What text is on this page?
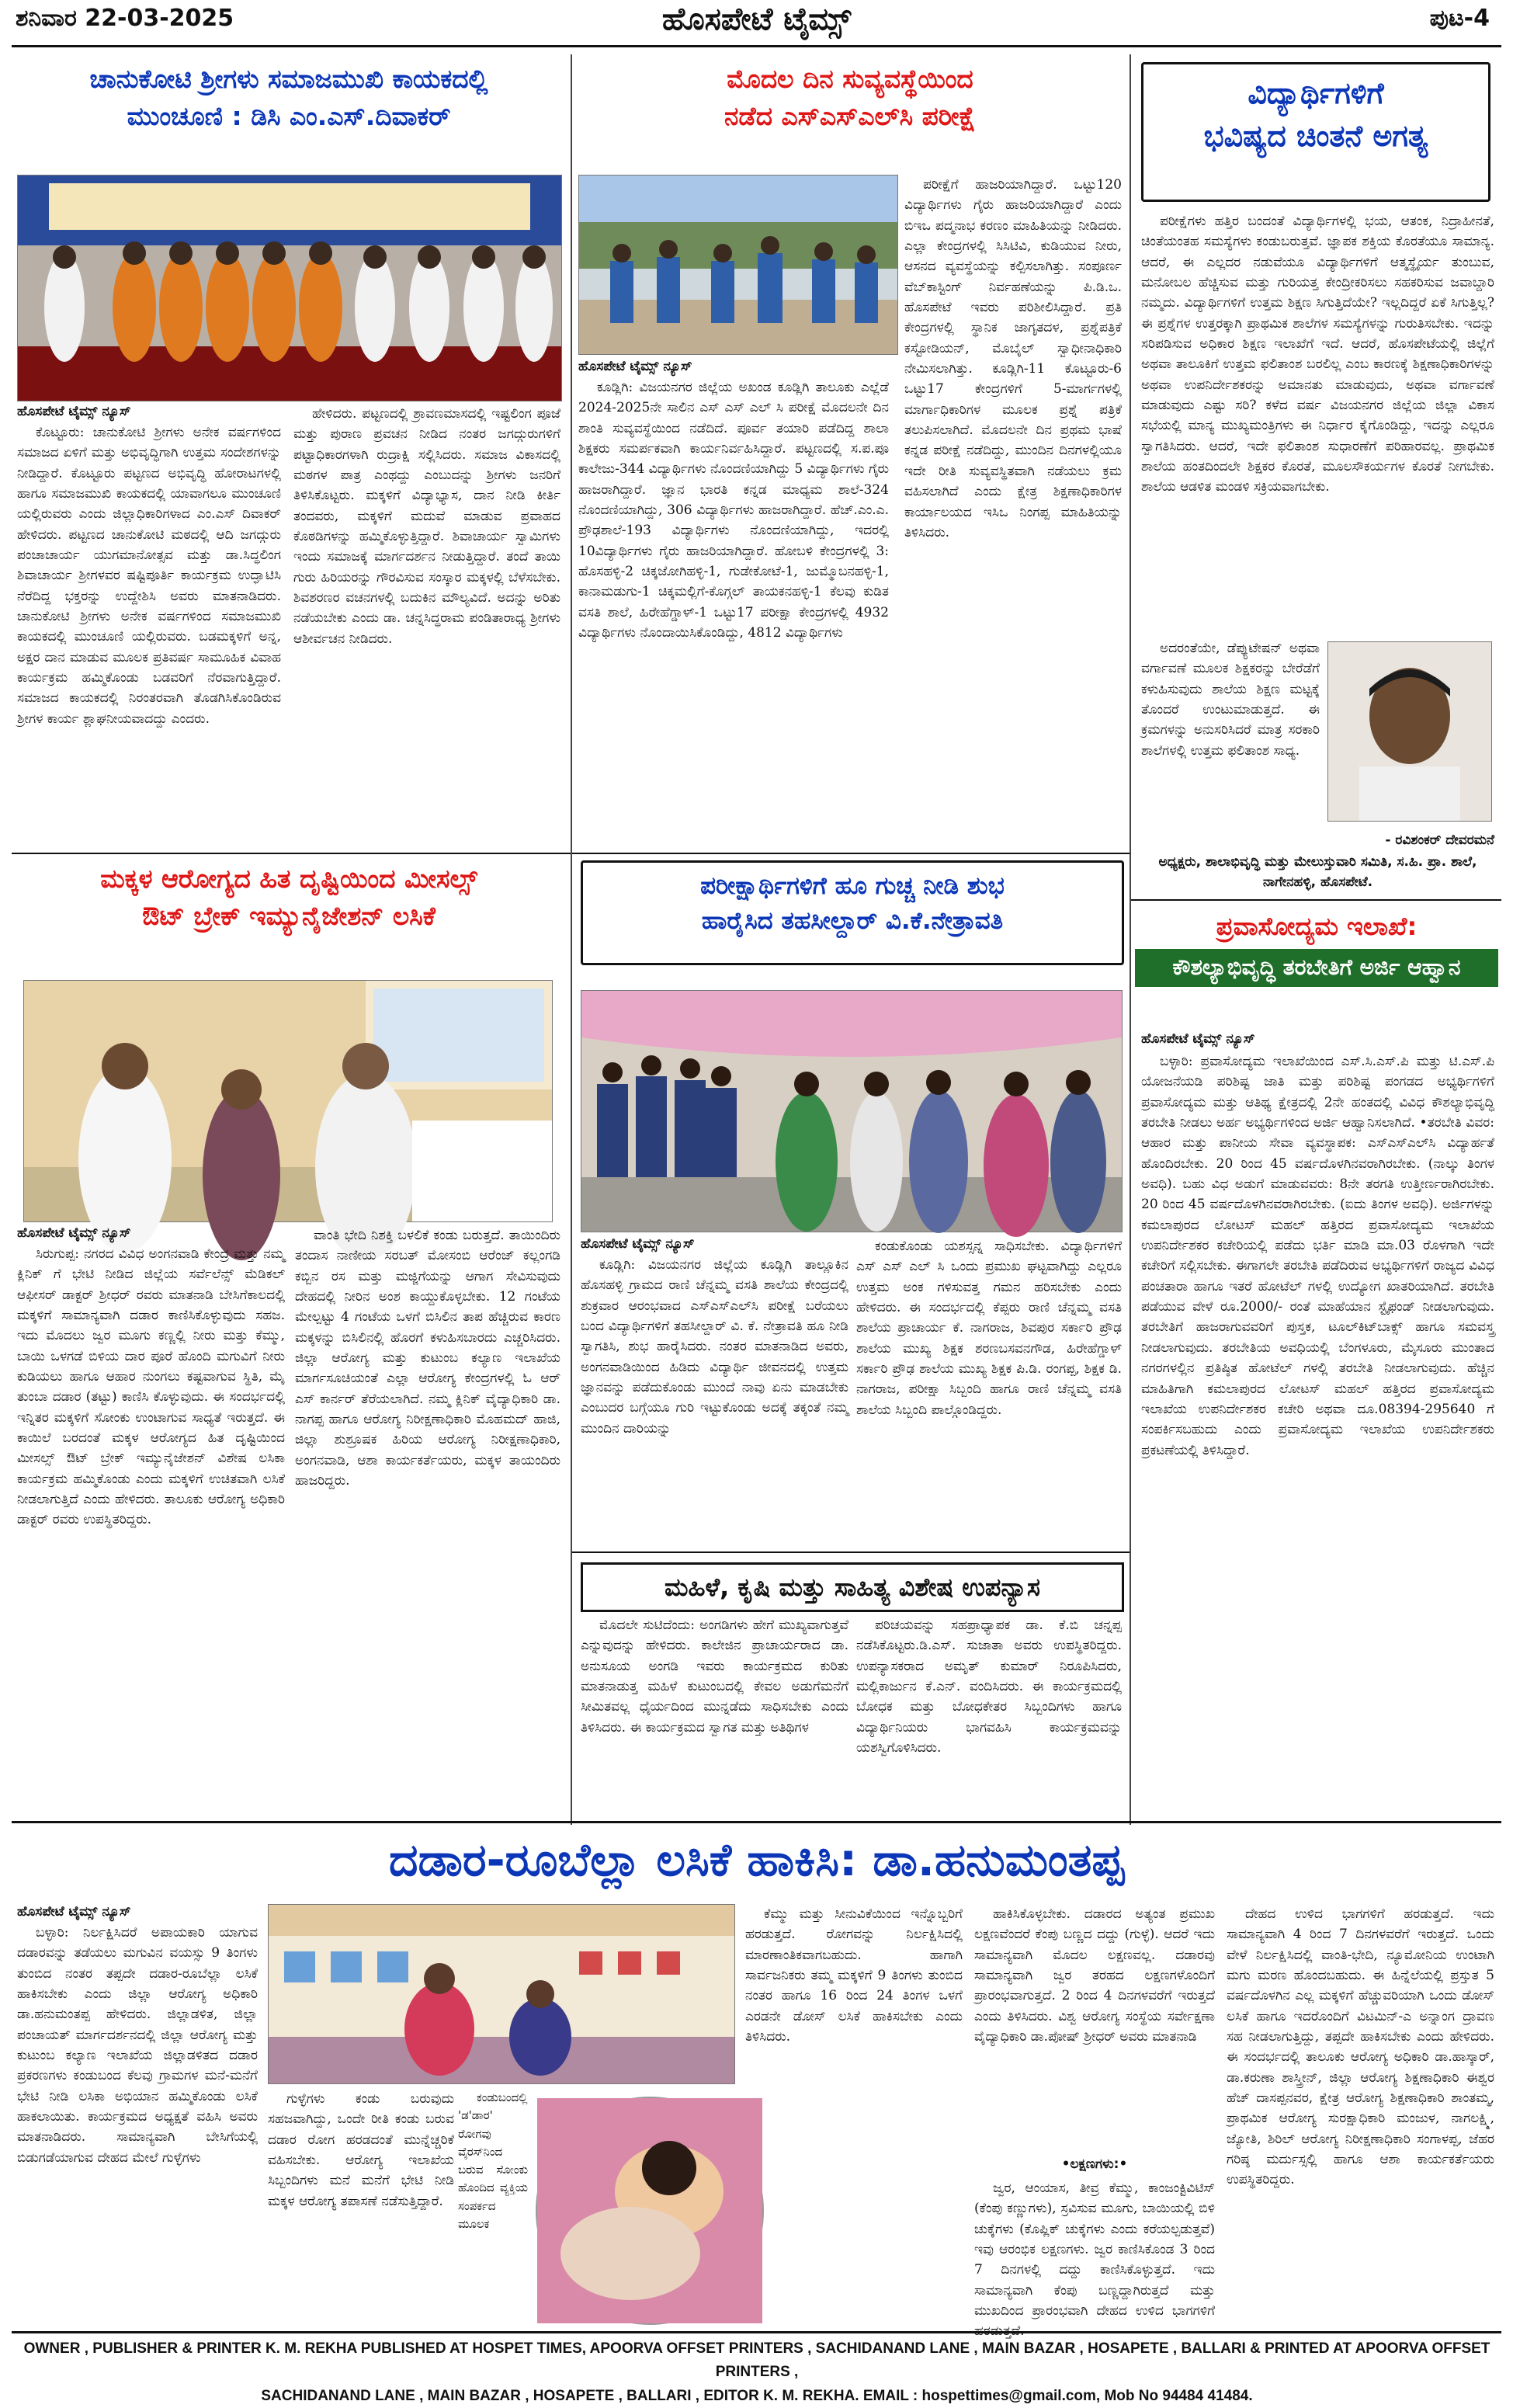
ಶನಿವಾರ 22-03-2025	ಹೊಸಪೇಟೆ ಟೈಮ್ಸ್	ಪುಟ-4
ಚಾನುಕೋಟಿ ಶ್ರೀಗಳು ಸಮಾಜಮುಖಿ ಕಾಯಕದಲ್ಲಿ
ಮುಂಚೂಣಿ : ಡಿಸಿ ಎಂ.ಎಸ್.ದಿವಾಕರ್
ಹೊಸಪೇಟೆ ಟೈಮ್ಸ್ ನ್ಯೂಸ್

ಕೊಟ್ಟೂರು: ಚಾನುಕೋಟಿ ಶ್ರೀಗಳು ಅನೇಕ ವರ್ಷಗಳಿಂದ ಸಮಾಜದ ಏಳಿಗೆ ಮತ್ತು ಅಭಿವೃದ್ಧಿಗಾಗಿ ಉತ್ತಮ ಸಂದೇಶಗಳನ್ನು ನೀಡಿದ್ದಾರೆ. ಕೊಟ್ಟೂರು ಪಟ್ಟಣದ ಅಭಿವೃದ್ಧಿ ಹೋರಾಟಗಳಲ್ಲಿ ಹಾಗೂ ಸಮಾಜಮುಖಿ ಕಾಯಕದಲ್ಲಿ ಯಾವಾಗಲೂ ಮುಂಚೂಣಿ ಯಲ್ಲಿರುವರು ಎಂದು ಜಿಲ್ಲಾಧಿಕಾರಿಗಳಾದ ಎಂ.ಎಸ್ ದಿವಾಕರ್ ಹೇಳಿದರು. ಪಟ್ಟಣದ ಚಾನುಕೋಟಿ ಮಠದಲ್ಲಿ ಆದಿ ಜಗದ್ಗುರು ಪಂಚಾಚಾರ್ಯ ಯುಗಮಾನೋತ್ಸವ ಮತ್ತು ಡಾ.ಸಿದ್ಧಲಿಂಗ ಶಿವಾಚಾರ್ಯ ಶ್ರೀಗಳವರ ಷಷ್ಟಿಪೂರ್ತಿ ಕಾರ್ಯಕ್ರಮ ಉದ್ಘಾಟಿಸಿ ನೆರೆದಿದ್ದ ಭಕ್ತರನ್ನು ಉದ್ದೇಶಿಸಿ ಅವರು ಮಾತನಾಡಿದರು. ಚಾನುಕೋಟಿ ಶ್ರೀಗಳು ಅನೇಕ ವರ್ಷಗಳಿಂದ ಸಮಾಜಮುಖಿ ಕಾಯಕದಲ್ಲಿ ಮುಂಚೂಣಿ ಯಲ್ಲಿರುವರು. ಬಡಮಕ್ಕಳಿಗೆ ಅನ್ನ, ಅಕ್ಷರ ದಾನ ಮಾಡುವ ಮೂಲಕ ಪ್ರತಿವರ್ಷ ಸಾಮೂಹಿಕ ವಿವಾಹ ಕಾರ್ಯಕ್ರಮ ಹಮ್ಮಿಕೊಂಡು ಬಡವರಿಗೆ ನೆರವಾಗುತ್ತಿದ್ದಾರೆ. ಸಮಾಜದ ಕಾಯಕದಲ್ಲಿ ನಿರಂತರವಾಗಿ ತೊಡಗಿಸಿಕೊಂಡಿರುವ ಶ್ರೀಗಳ ಕಾರ್ಯ ಶ್ಲಾಘನೀಯವಾದದ್ದು ಎಂದರು.

ಹೇಳಿದರು. ಪಟ್ಟಣದಲ್ಲಿ ಶ್ರಾವಣಮಾಸದಲ್ಲಿ ಇಷ್ಟಲಿಂಗ ಪೂಜೆ ಮತ್ತು ಪುರಾಣ ಪ್ರವಚನ ನೀಡಿದ ನಂತರ ಜಗದ್ಗುರುಗಳಿಗೆ ಪಟ್ಟಾಧಿಕಾರಗಳಾಗಿ ರುದ್ರಾಕ್ಷಿ ಸಲ್ಲಿಸಿದರು. ಸಮಾಜ ವಿಕಾಸದಲ್ಲಿ ಮಠಗಳ ಪಾತ್ರ ಎಂಥದ್ದು ಎಂಬುದನ್ನು ಶ್ರೀಗಳು ಜನರಿಗೆ ತಿಳಿಸಿಕೊಟ್ಟರು. ಮಕ್ಕಳಿಗೆ ವಿದ್ಯಾಭ್ಯಾಸ, ದಾನ ನೀಡಿ ಕೀರ್ತಿ ತಂದವರು, ಮಕ್ಕಳಿಗೆ ಮದುವೆ ಮಾಡುವ ಪ್ರವಾಹದ ಕೊಠಡಿಗಳನ್ನು ಹಮ್ಮಿಕೊಳ್ಳುತ್ತಿದ್ದಾರೆ. ಶಿವಾಚಾರ್ಯ ಸ್ವಾಮಿಗಳು ಇಂದು ಸಮಾಜಕ್ಕೆ ಮಾರ್ಗದರ್ಶನ ನೀಡುತ್ತಿದ್ದಾರೆ. ತಂದೆ ತಾಯಿ ಗುರು ಹಿರಿಯರನ್ನು ಗೌರವಿಸುವ ಸಂಸ್ಕಾರ ಮಕ್ಕಳಲ್ಲಿ ಬೆಳೆಸಬೇಕು. ಶಿವಶರಣರ ವಚನಗಳಲ್ಲಿ ಬದುಕಿನ ಮೌಲ್ಯವಿದೆ. ಅದನ್ನು ಅರಿತು ನಡೆಯಬೇಕು ಎಂದು ಡಾ. ಚನ್ನಸಿದ್ಧರಾಮ ಪಂಡಿತಾರಾಧ್ಯ ಶ್ರೀಗಳು ಆಶೀರ್ವಚನ ನೀಡಿದರು.

ಮೊದಲ ದಿನ ಸುವ್ಯವಸ್ಥೆಯಿಂದ
ನಡೆದ ಎಸ್‌ಎಸ್‌ಎಲ್‌ಸಿ ಪರೀಕ್ಷೆ
ಹೊಸಪೇಟೆ ಟೈಮ್ಸ್ ನ್ಯೂಸ್

ಕೂಡ್ಲಿಗಿ: ವಿಜಯನಗರ ಜಿಲ್ಲೆಯ ಅಖಂಡ ಕೂಡ್ಲಿಗಿ ತಾಲೂಕು ಎಲ್ಲೆಡೆ 2024-2025ನೇ ಸಾಲಿನ ಎಸ್ ಎಸ್ ಎಲ್ ಸಿ ಪರೀಕ್ಷೆ ಮೊದಲನೇ ದಿನ ಶಾಂತಿ ಸುವ್ಯವಸ್ಥೆಯಿಂದ ನಡೆದಿದೆ. ಪೂರ್ವ ತಯಾರಿ ಪಡೆದಿದ್ದ ಶಾಲಾ ಶಿಕ್ಷಕರು ಸಮರ್ಪಕವಾಗಿ ಕಾರ್ಯನಿರ್ವಹಿಸಿದ್ದಾರೆ. ಪಟ್ಟಣದಲ್ಲಿ ಸ.ಪ.ಪೂ ಕಾಲೇಜು-344 ವಿದ್ಯಾರ್ಥಿಗಳು ನೊಂದಣಿಯಾಗಿದ್ದು 5 ವಿದ್ಯಾರ್ಥಿಗಳು ಗೈರು ಹಾಜರಾಗಿದ್ದಾರೆ. ಜ್ಞಾನ ಭಾರತಿ ಕನ್ನಡ ಮಾಧ್ಯಮ ಶಾಲೆ-324 ನೊಂದಣಿಯಾಗಿದ್ದು, 306 ವಿದ್ಯಾರ್ಥಿಗಳು ಹಾಜರಾಗಿದ್ದಾರೆ. ಹೆಚ್.ಎಂ.ಎ. ಪ್ರೌಢಶಾಲೆ-193 ವಿದ್ಯಾರ್ಥಿಗಳು ನೊಂದಣಿಯಾಗಿದ್ದು, ಇದರಲ್ಲಿ 10ವಿದ್ಯಾರ್ಥಿಗಳು ಗೈರು ಹಾಜರಿಯಾಗಿದ್ದಾರೆ. ಹೋಬಳಿ ಕೇಂದ್ರಗಳಲ್ಲಿ 3: ಹೊಸಹಳ್ಳಿ-2 ಚಿಕ್ಕಜೋಗಿಹಳ್ಳಿ-1, ಗುಡೇಕೋಟೆ-1, ಜುಮ್ಮೊಬನಹಳ್ಳಿ-1, ಕಾನಾಮಡುಗು-1 ಚಿಕ್ಕಮಲ್ಲಿಗೆ-ಕೊಗ್ಗಲ್ ತಾಯಕನಹಳ್ಳಿ-1 ಕೆಲವು ಕುಡಿತ ವಸತಿ ಶಾಲೆ, ಹಿರೇಹೆಗ್ಡಾಳ್-1 ಒಟ್ಟು17 ಪರೀಕ್ಷಾ ಕೇಂದ್ರಗಳಲ್ಲಿ 4932 ವಿದ್ಯಾರ್ಥಿಗಳು ನೊಂದಾಯಿಸಿಕೊಂಡಿದ್ದು, 4812 ವಿದ್ಯಾರ್ಥಿಗಳು

ಪರೀಕ್ಷೆಗೆ ಹಾಜರಿಯಾಗಿದ್ದಾರೆ. ಒಟ್ಟು120 ವಿದ್ಯಾರ್ಥಿಗಳು ಗೈರು ಹಾಜರಿಯಾಗಿದ್ದಾರೆ ಎಂದು ಬಿಇಒ ಪದ್ಮನಾಭ ಕರಣಂ ಮಾಹಿತಿಯನ್ನು ನೀಡಿದರು. ಎಲ್ಲಾ ಕೇಂದ್ರಗಳಲ್ಲಿ ಸಿಸಿಟಿವಿ, ಕುಡಿಯುವ ನೀರು, ಆಸನದ ವ್ಯವಸ್ಥೆಯನ್ನು ಕಲ್ಪಿಸಲಾಗಿತ್ತು. ಸಂಪೂರ್ಣ ವೆಬ್‌ಕಾಸ್ಟಿಂಗ್ ನಿರ್ವಹಣೆಯನ್ನು ಪಿ.ಡಿ.ಒ. ಹೊಸಪೇಟೆ ಇವರು ಪರಿಶೀಲಿಸಿದ್ದಾರೆ. ಪ್ರತಿ ಕೇಂದ್ರಗಳಲ್ಲಿ ಸ್ಥಾನಿಕ ಜಾಗೃತದಳ, ಪ್ರಶ್ನೆಪತ್ರಿಕೆ ಕಸ್ಟೋಡಿಯನ್, ಮೊಬೈಲ್ ಸ್ವಾಧೀನಾಧಿಕಾರಿ ನೇಮಿಸಲಾಗಿತ್ತು. ಕೂಡ್ಲಿಗಿ-11 ಕೊಟ್ಟೂರು-6 ಒಟ್ಟು17 ಕೇಂದ್ರಗಳಿಗೆ 5-ಮಾರ್ಗಗಳಲ್ಲಿ ಮಾರ್ಗಾಧಿಕಾರಿಗಳ ಮೂಲಕ ಪ್ರಶ್ನೆ ಪತ್ರಿಕೆ ತಲುಪಿಸಲಾಗಿದೆ. ಮೊದಲನೇ ದಿನ ಪ್ರಥಮ ಭಾಷೆ ಕನ್ನಡ ಪರೀಕ್ಷೆ ನಡೆದಿದ್ದು, ಮುಂದಿನ ದಿನಗಳಲ್ಲಿಯೂ ಇದೇ ರೀತಿ ಸುವ್ಯವಸ್ಥಿತವಾಗಿ ನಡೆಯಲು ಕ್ರಮ ವಹಿಸಲಾಗಿದೆ ಎಂದು ಕ್ಷೇತ್ರ ಶಿಕ್ಷಣಾಧಿಕಾರಿಗಳ ಕಾರ್ಯಾಲಯದ ಇಸಿಒ ನಿಂಗಪ್ಪ ಮಾಹಿತಿಯನ್ನು ತಿಳಿಸಿದರು.

ವಿದ್ಯಾರ್ಥಿಗಳಿಗೆ
ಭವಿಷ್ಯದ ಚಿಂತನೆ ಅಗತ್ಯ

ಪರೀಕ್ಷೆಗಳು ಹತ್ತಿರ ಬಂದಂತೆ ವಿದ್ಯಾರ್ಥಿಗಳಲ್ಲಿ ಭಯ, ಆತಂಕ, ನಿದ್ರಾಹೀನತೆ, ಚಿಂತೆಯಂತಹ ಸಮಸ್ಯೆಗಳು ಕಂಡುಬರುತ್ತವೆ. ಜ್ಞಾಪಕ ಶಕ್ತಿಯ ಕೊರತೆಯೂ ಸಾಮಾನ್ಯ. ಆದರೆ, ಈ ಎಲ್ಲದರ ನಡುವೆಯೂ ವಿದ್ಯಾರ್ಥಿಗಳಿಗೆ ಆತ್ಮಸ್ಥೈರ್ಯ ತುಂಬುವ, ಮನೋಬಲ ಹೆಚ್ಚಿಸುವ ಮತ್ತು ಗುರಿಯತ್ತ ಕೇಂದ್ರೀಕರಿಸಲು ಸಹಕರಿಸುವ ಜವಾಬ್ದಾರಿ ನಮ್ಮದು. ವಿದ್ಯಾರ್ಥಿಗಳಿಗೆ ಉತ್ತಮ ಶಿಕ್ಷಣ ಸಿಗುತ್ತಿದೆಯೇ? ಇಲ್ಲದಿದ್ದರೆ ಏಕೆ ಸಿಗುತ್ತಿಲ್ಲ? ಈ ಪ್ರಶ್ನೆಗಳ ಉತ್ತರಕ್ಕಾಗಿ ಪ್ರಾಥಮಿಕ ಶಾಲೆಗಳ ಸಮಸ್ಯೆಗಳನ್ನು ಗುರುತಿಸಬೇಕು. ಇದನ್ನು ಸರಿಪಡಿಸುವ ಅಧಿಕಾರ ಶಿಕ್ಷಣ ಇಲಾಖೆಗೆ ಇದೆ. ಆದರೆ, ಹೊಸಪೇಟೆಯಲ್ಲಿ ಜಿಲ್ಲೆಗೆ ಅಥವಾ ತಾಲೂಕಿಗೆ ಉತ್ತಮ ಫಲಿತಾಂಶ ಬರಲಿಲ್ಲ ಎಂಬ ಕಾರಣಕ್ಕೆ ಶಿಕ್ಷಣಾಧಿಕಾರಿಗಳನ್ನು ಅಥವಾ ಉಪನಿರ್ದೇಶಕರನ್ನು ಅಮಾನತು ಮಾಡುವುದು, ಅಥವಾ ವರ್ಗಾವಣೆ ಮಾಡುವುದು ಎಷ್ಟು ಸರಿ? ಕಳೆದ ವರ್ಷ ವಿಜಯನಗರ ಜಿಲ್ಲೆಯ ಜಿಲ್ಲಾ ವಿಕಾಸ ಸಭೆಯಲ್ಲಿ ಮಾನ್ಯ ಮುಖ್ಯಮಂತ್ರಿಗಳು ಈ ನಿರ್ಧಾರ ಕೈಗೊಂಡಿದ್ದು, ಇದನ್ನು ಎಲ್ಲರೂ ಸ್ವಾಗತಿಸಿದರು. ಆದರೆ, ಇದೇ ಫಲಿತಾಂಶ ಸುಧಾರಣೆಗೆ ಪರಿಹಾರವಲ್ಲ. ಪ್ರಾಥಮಿಕ ಶಾಲೆಯ ಹಂತದಿಂದಲೇ ಶಿಕ್ಷಕರ ಕೊರತೆ, ಮೂಲಸೌಕರ್ಯಗಳ ಕೊರತೆ ನೀಗಬೇಕು. ಶಾಲೆಯ ಆಡಳಿತ ಮಂಡಳಿ ಸಕ್ರಿಯವಾಗಬೇಕು.

ಅದರಂತೆಯೇ, ಡೆಪ್ಯುಟೇಷನ್ ಅಥವಾ ವರ್ಗಾವಣೆ ಮೂಲಕ ಶಿಕ್ಷಕರನ್ನು ಬೇರೆಡೆಗೆ ಕಳುಹಿಸುವುದು ಶಾಲೆಯ ಶಿಕ್ಷಣ ಮಟ್ಟಕ್ಕೆ ತೊಂದರೆ ಉಂಟುಮಾಡುತ್ತದೆ. ಈ ಕ್ರಮಗಳನ್ನು ಅನುಸರಿಸಿದರೆ ಮಾತ್ರ ಸರಕಾರಿ ಶಾಲೆಗಳಲ್ಲಿ ಉತ್ತಮ ಫಲಿತಾಂಶ ಸಾಧ್ಯ.

- ರವಿಶಂಕರ್ ದೇವರಮನೆ
ಅಧ್ಯಕ್ಷರು, ಶಾಲಾಭಿವೃದ್ಧಿ ಮತ್ತು ಮೇಲುಸ್ತುವಾರಿ ಸಮಿತಿ, ಸ.ಹಿ. ಪ್ರಾ. ಶಾಲೆ, ನಾಗೇನಹಳ್ಳಿ, ಹೊಸಪೇಟೆ.
ಮಕ್ಕಳ ಆರೋಗ್ಯದ ಹಿತ ದೃಷ್ಟಿಯಿಂದ ಮೀಸಲ್ಸ್
ಔಟ್ ಬ್ರೇಕ್ ಇಮ್ಯುನೈಜೇಶನ್ ಲಸಿಕೆ
ಹೊಸಪೇಟೆ ಟೈಮ್ಸ್ ನ್ಯೂಸ್

ಸಿರುಗುಪ್ಪ: ನಗರದ ವಿವಿಧ ಅಂಗನವಾಡಿ ಕೇಂದ್ರ ಮತ್ತು ನಮ್ಮ ಕ್ಲಿನಿಕ್ ಗೆ ಭೇಟಿ ನೀಡಿದ ಜಿಲ್ಲೆಯ ಸರ್ವೆಲೆನ್ಸ್ ಮೆಡಿಕಲ್ ಆಫೀಸರ್ ಡಾಕ್ಟರ್ ಶ್ರೀಧರ್ ರವರು ಮಾತನಾಡಿ ಬೇಸಿಗೆಕಾಲದಲ್ಲಿ ಮಕ್ಕಳಿಗೆ ಸಾಮಾನ್ಯವಾಗಿ ದಡಾರ ಕಾಣಿಸಿಕೊಳ್ಳುವುದು ಸಹಜ. ಇದು ಮೊದಲು ಜ್ವರ ಮೂಗು ಕಣ್ಣಲ್ಲಿ ನೀರು ಮತ್ತು ಕೆಮ್ಮು, ಬಾಯಿ ಒಳಗಡೆ ಬಿಳಿಯ ದಾರ ಪೂರೆ ಹೊಂದಿ ಮಗುವಿಗೆ ನೀರು ಕುಡಿಯಲು ಹಾಗೂ ಆಹಾರ ನುಂಗಲು ಕಷ್ಟವಾಗುವ ಸ್ಥಿತಿ, ಮೈ ತುಂಬಾ ದಡಾರ (ತಟ್ಟು) ಕಾಣಿಸಿ ಕೊಳ್ಳುವುದು. ಈ ಸಂದರ್ಭದಲ್ಲಿ ಇನ್ನಿತರ ಮಕ್ಕಳಿಗೆ ಸೋಂಕು ಉಂಟಾಗುವ ಸಾಧ್ಯತೆ ಇರುತ್ತದೆ. ಈ ಕಾಯಿಲೆ ಬರದಂತೆ ಮಕ್ಕಳ ಆರೋಗ್ಯದ ಹಿತ ದೃಷ್ಟಿಯಿಂದ ಮೀಸಲ್ಸ್ ಔಟ್ ಬ್ರೇಕ್ ಇಮ್ಯುನೈಜೇಶನ್ ವಿಶೇಷ ಲಸಿಕಾ ಕಾರ್ಯಕ್ರಮ ಹಮ್ಮಿಕೊಂಡು ಎಂದು ಮಕ್ಕಳಿಗೆ ಉಚಿತವಾಗಿ ಲಸಿಕೆ ನೀಡಲಾಗುತ್ತಿದೆ ಎಂದು ಹೇಳಿದರು. ತಾಲೂಕು ಆರೋಗ್ಯ ಅಧಿಕಾರಿ ಡಾಕ್ಟರ್ ರವರು ಉಪಸ್ಥಿತರಿದ್ದರು.

ವಾಂತಿ ಭೇದಿ ನಿಶಕ್ತಿ ಬಳಲಿಕೆ ಕಂಡು ಬರುತ್ತದೆ. ತಾಯಿಂದಿರು ತಂದಾಸ ನಾಣೀಯ ಸರಬತ್ ಮೋಸಂಬಿ ಆರೆಂಜ್ ಕಲ್ಲಂಗಡಿ ಕಬ್ಬಿನ ರಸ ಮತ್ತು ಮಜ್ಜಿಗೆಯನ್ನು ಆಗಾಗ ಸೇವಿಸುವುದು ದೇಹದಲ್ಲಿ ನೀರಿನ ಅಂಶ ಕಾಯ್ದುಕೊಳ್ಳಬೇಕು. 12 ಗಂಟೆಯ ಮೇಲ್ಪಟ್ಟು 4 ಗಂಟೆಯ ಒಳಗೆ ಬಿಸಿಲಿನ ತಾಪ ಹೆಚ್ಚಿರುವ ಕಾರಣ ಮಕ್ಕಳನ್ನು ಬಿಸಿಲಿನಲ್ಲಿ ಹೊರಗೆ ಕಳುಹಿಸಬಾರದು ಎಚ್ಚರಿಸಿದರು. ಜಿಲ್ಲಾ ಆರೋಗ್ಯ ಮತ್ತು ಕುಟುಂಬ ಕಲ್ಯಾಣ ಇಲಾಖೆಯ ಮಾರ್ಗಸೂಚಿಯಂತೆ ಎಲ್ಲಾ ಆರೋಗ್ಯ ಕೇಂದ್ರಗಳಲ್ಲಿ ಓ ಆರ್ ಎಸ್ ಕಾರ್ನರ್ ತೆರೆಯಲಾಗಿದೆ. ನಮ್ಮ ಕ್ಲಿನಿಕ್ ವೈದ್ಯಾಧಿಕಾರಿ ಡಾ. ನಾಗಪ್ಪ ಹಾಗೂ ಆರೋಗ್ಯ ನಿರೀಕ್ಷಣಾಧಿಕಾರಿ ಮೊಹಮದ್ ಹಾಜಿ, ಜಿಲ್ಲಾ ಶುಶ್ರೂಷಕ ಹಿರಿಯ ಆರೋಗ್ಯ ನಿರೀಕ್ಷಣಾಧಿಕಾರಿ, ಅಂಗನವಾಡಿ, ಆಶಾ ಕಾರ್ಯಕರ್ತೆಯರು, ಮಕ್ಕಳ ತಾಯಂದಿರು ಹಾಜರಿದ್ದರು.

ಪರೀಕ್ಷಾರ್ಥಿಗಳಿಗೆ ಹೂ ಗುಚ್ಚ ನೀಡಿ ಶುಭ
ಹಾರೈಸಿದ ತಹಸೀಲ್ದಾರ್ ವಿ.ಕೆ.ನೇತ್ರಾವತಿ
ಹೊಸಪೇಟೆ ಟೈಮ್ಸ್ ನ್ಯೂಸ್

ಕೂಡ್ಲಿಗಿ: ವಿಜಯನಗರ ಜಿಲ್ಲೆಯ ಕೂಡ್ಲಿಗಿ ತಾಲ್ಲೂಕಿನ ಹೊಸಹಳ್ಳಿ ಗ್ರಾಮದ ರಾಣಿ ಚೆನ್ನಮ್ಮ ವಸತಿ ಶಾಲೆಯ ಕೇಂದ್ರದಲ್ಲಿ ಶುಕ್ರವಾರ ಆರಂಭವಾದ ಎಸ್ಎಸ್ಎಲ್‌ಸಿ ಪರೀಕ್ಷೆ ಬರೆಯಲು ಬಂದ ವಿದ್ಯಾರ್ಥಿಗಳಿಗೆ ತಹಸೀಲ್ದಾರ್ ವಿ. ಕೆ. ನೇತ್ರಾವತಿ ಹೂ ನೀಡಿ ಸ್ವಾಗತಿಸಿ, ಶುಭ ಹಾರೈಸಿದರು. ನಂತರ ಮಾತನಾಡಿದ ಅವರು, ಅಂಗನವಾಡಿಯಿಂದ ಹಿಡಿದು ವಿದ್ಯಾರ್ಥಿ ಜೀವನದಲ್ಲಿ ಉತ್ತಮ ಜ್ಞಾನವನ್ನು ಪಡೆದುಕೊಂಡು ಮುಂದೆ ನಾವು ಏನು ಮಾಡಬೇಕು ಎಂಬುದರ ಬಗ್ಗೆಯೂ ಗುರಿ ಇಟ್ಟುಕೊಂಡು ಅದಕ್ಕೆ ತಕ್ಕಂತೆ ನಮ್ಮ ಮುಂದಿನ ದಾರಿಯನ್ನು

ಕಂಡುಕೊಂಡು ಯಶಸ್ಸನ್ನ ಸಾಧಿಸಬೇಕು. ವಿದ್ಯಾರ್ಥಿಗಳಿಗೆ ಎಸ್ ಎಸ್ ಎಲ್ ಸಿ ಒಂದು ಪ್ರಮುಖ ಘಟ್ಟವಾಗಿದ್ದು ಎಲ್ಲರೂ ಉತ್ತಮ ಅಂಕ ಗಳಿಸುವತ್ತ ಗಮನ ಹರಿಸಬೇಕು ಎಂದು ಹೇಳಿದರು. ಈ ಸಂದರ್ಭದಲ್ಲಿ ಕೆಪ್ಪರು ರಾಣಿ ಚೆನ್ನಮ್ಮ ವಸತಿ ಶಾಲೆಯ ಪ್ರಾಚಾರ್ಯ ಕೆ. ನಾಗರಾಜ, ಶಿವಪುರ ಸರ್ಕಾರಿ ಪ್ರೌಢ ಶಾಲೆಯ ಮುಖ್ಯ ಶಿಕ್ಷಕ ಶರಣಬಸವನಗೌಡ, ಹಿರೇಹೆಗ್ಡಾಳ್ ಸರ್ಕಾರಿ ಪ್ರೌಢ ಶಾಲೆಯ ಮುಖ್ಯ ಶಿಕ್ಷಕ ಪಿ.ಡಿ. ರಂಗಪ್ಪ, ಶಿಕ್ಷಕ ಡಿ. ನಾಗರಾಜ, ಪರೀಕ್ಷಾ ಸಿಬ್ಬಂದಿ ಹಾಗೂ ರಾಣಿ ಚೆನ್ನಮ್ಮ ವಸತಿ ಶಾಲೆಯ ಸಿಬ್ಬಂದಿ ಪಾಲ್ಗೊಂಡಿದ್ದರು.

ಮಹಿಳೆ, ಕೃಷಿ ಮತ್ತು ಸಾಹಿತ್ಯ ವಿಶೇಷ ಉಪನ್ಯಾಸ

ಮೊದಲೇ ಸುಟಿದೆಂದು: ಅಂಗಡಿಗಳು ಹೇಗೆ ಮುಖ್ಯವಾಗುತ್ತವೆ ಎನ್ನುವುದನ್ನು ಹೇಳಿದರು. ಕಾಲೇಜಿನ ಪ್ರಾಚಾರ್ಯರಾದ ಡಾ. ಅನುಸೂಯ ಅಂಗಡಿ ಇವರು ಕಾರ್ಯಕ್ರಮದ ಕುರಿತು ಮಾತನಾಡುತ್ತ ಮಹಿಳೆ ಕುಟುಂಬದಲ್ಲಿ ಕೇವಲ ಅಡುಗೆಮನೆಗೆ ಸೀಮಿತವಲ್ಲ ಧೈರ್ಯದಿಂದ ಮುನ್ನಡೆದು ಸಾಧಿಸಬೇಕು ಎಂದು ತಿಳಿಸಿದರು. ಈ ಕಾರ್ಯಕ್ರಮದ ಸ್ವಾಗತ ಮತ್ತು ಅತಿಥಿಗಳ

ಪರಿಚಯವನ್ನು ಸಹಪ್ರಾಧ್ಯಾಪಕ ಡಾ. ಕೆ.ಬಿ ಚನ್ನಪ್ಪ ನಡೆಸಿಕೊಟ್ಟರು.ಡಿ.ಎಸ್. ಸುಜಾತಾ ಅವರು ಉಪಸ್ಥಿತರಿದ್ದರು. ಉಪನ್ಯಾಸಕರಾದ ಅಮೃತ್ ಕುಮಾರ್ ನಿರೂಪಿಸಿದರು, ಮಲ್ಲಿಕಾರ್ಜುನ ಕೆ.ಎನ್. ವಂದಿಸಿದರು. ಈ ಕಾರ್ಯಕ್ರಮದಲ್ಲಿ ಬೋಧಕ ಮತ್ತು ಬೋಧಕೇತರ ಸಿಬ್ಬಂದಿಗಳು ಹಾಗೂ ವಿದ್ಯಾರ್ಥಿನಿಯರು ಭಾಗವಹಿಸಿ ಕಾರ್ಯಕ್ರಮವನ್ನು ಯಶಸ್ವಿಗೊಳಿಸಿದರು.

ಪ್ರವಾಸೋದ್ಯಮ ಇಲಾಖೆ:
ಕೌಶಲ್ಯಾಭಿವೃದ್ಧಿ ತರಬೇತಿಗೆ ಅರ್ಜಿ ಆಹ್ವಾನ
ಹೊಸಪೇಟೆ ಟೈಮ್ಸ್ ನ್ಯೂಸ್

ಬಳ್ಳಾರಿ: ಪ್ರವಾಸೋದ್ಯಮ ಇಲಾಖೆಯಿಂದ ಎಸ್.ಸಿ.ಎಸ್.ಪಿ ಮತ್ತು ಟಿ.ಎಸ್.ಪಿ ಯೋಜನೆಯಡಿ ಪರಿಶಿಷ್ಟ ಜಾತಿ ಮತ್ತು ಪರಿಶಿಷ್ಟ ಪಂಗಡದ ಅಭ್ಯರ್ಥಿಗಳಿಗೆ ಪ್ರವಾಸೋದ್ಯಮ ಮತ್ತು ಆತಿಥ್ಯ ಕ್ಷೇತ್ರದಲ್ಲಿ 2ನೇ ಹಂತದಲ್ಲಿ ವಿವಿಧ ಕೌಶಲ್ಯಾಭಿವೃದ್ಧಿ ತರಬೇತಿ ನೀಡಲು ಅರ್ಹ ಅಭ್ಯರ್ಥಿಗಳಿಂದ ಅರ್ಜಿ ಆಹ್ವಾನಿಸಲಾಗಿದೆ. •ತರಬೇತಿ ವಿವರ: ಆಹಾರ ಮತ್ತು ಪಾನೀಯ ಸೇವಾ ವ್ಯವಸ್ಥಾಪಕ: ಎಸ್ಎಸ್ಎಲ್‌ಸಿ ವಿದ್ಯಾರ್ಹತೆ ಹೊಂದಿರಬೇಕು. 20 ರಿಂದ 45 ವರ್ಷದೊಳಗಿನವರಾಗಿರಬೇಕು. (ನಾಲ್ಕು ತಿಂಗಳ ಅವಧಿ). ಬಹು ವಿಧ ಅಡುಗೆ ಮಾಡುವವರು: 8ನೇ ತರಗತಿ ಉತ್ತೀರ್ಣರಾಗಿರಬೇಕು. 20 ರಿಂದ 45 ವರ್ಷದೊಳಗಿನವರಾಗಿರಬೇಕು. (ಐದು ತಿಂಗಳ ಅವಧಿ). ಅರ್ಜಿಗಳನ್ನು ಕಮಲಾಪುರದ ಲೋಟಸ್ ಮಹಲ್ ಹತ್ತಿರದ ಪ್ರವಾಸೋದ್ಯಮ ಇಲಾಖೆಯ ಉಪನಿರ್ದೇಶಕರ ಕಚೇರಿಯಲ್ಲಿ ಪಡೆದು ಭರ್ತಿ ಮಾಡಿ ಮಾ.03 ರೊಳಗಾಗಿ ಇದೇ ಕಚೇರಿಗೆ ಸಲ್ಲಿಸಬೇಕು. ಈಗಾಗಲೇ ತರಬೇತಿ ಪಡೆದಿರುವ ಅಭ್ಯರ್ಥಿಗಳಿಗೆ ರಾಜ್ಯದ ವಿವಿಧ ಪಂಚತಾರಾ ಹಾಗೂ ಇತರೆ ಹೋಟೆಲ್ ಗಳಲ್ಲಿ ಉದ್ಯೋಗ ಖಾತರಿಯಾಗಿದೆ. ತರಬೇತಿ ಪಡೆಯುವ ವೇಳೆ ರೂ.2000/- ರಂತೆ ಮಾಹೆಯಾನ ಸ್ಟೈಫಂಡ್ ನೀಡಲಾಗುವುದು. ತರಬೇತಿಗೆ ಹಾಜರಾಗುವವರಿಗೆ ಪುಸ್ತಕ, ಟೂಲ್‌ಕಿಟ್‌ಬಾಕ್ಸ್ ಹಾಗೂ ಸಮವಸ್ತ್ರ ನೀಡಲಾಗುವುದು. ತರಬೇತಿಯ ಅವಧಿಯಲ್ಲಿ ಬೆಂಗಳೂರು, ಮೈಸೂರು ಮುಂತಾದ ನಗರಗಳಲ್ಲಿನ ಪ್ರತಿಷ್ಠಿತ ಹೋಟೆಲ್ ಗಳಲ್ಲಿ ತರಬೇತಿ ನೀಡಲಾಗುವುದು. ಹೆಚ್ಚಿನ ಮಾಹಿತಿಗಾಗಿ ಕಮಲಾಪುರದ ಲೋಟಸ್ ಮಹಲ್ ಹತ್ತಿರದ ಪ್ರವಾಸೋದ್ಯಮ ಇಲಾಖೆಯ ಉಪನಿರ್ದೇಶಕರ ಕಚೇರಿ ಅಥವಾ ದೂ.08394-295640 ಗೆ ಸಂಪರ್ಕಿಸಬಹುದು ಎಂದು ಪ್ರವಾಸೋದ್ಯಮ ಇಲಾಖೆಯ ಉಪನಿರ್ದೇಶಕರು ಪ್ರಕಟಣೆಯಲ್ಲಿ ತಿಳಿಸಿದ್ದಾರೆ.

ದಡಾರ-ರೂಬೆಲ್ಲಾ ಲಸಿಕೆ ಹಾಕಿಸಿ: ಡಾ.ಹನುಮಂತಪ್ಪ
ಹೊಸಪೇಟೆ ಟೈಮ್ಸ್ ನ್ಯೂಸ್

ಬಳ್ಳಾರಿ: ನಿರ್ಲಕ್ಷಿಸಿದರೆ ಅಪಾಯಕಾರಿ ಯಾಗುವ ದಡಾರವನ್ನು ತಡೆಯಲು ಮಗುವಿನ ವಯಸ್ಸು 9 ತಿಂಗಳು ತುಂಬಿದ ನಂತರ ತಪ್ಪದೇ ದಡಾರ-ರೂಬೆಲ್ಲಾ ಲಸಿಕೆ ಹಾಕಿಸಬೇಕು ಎಂದು ಜಿಲ್ಲಾ ಆರೋಗ್ಯ ಅಧಿಕಾರಿ ಡಾ.ಹನುಮಂತಪ್ಪ ಹೇಳಿದರು. ಜಿಲ್ಲಾಡಳಿತ, ಜಿಲ್ಲಾ ಪಂಚಾಯತ್ ಮಾರ್ಗದರ್ಶನದಲ್ಲಿ ಜಿಲ್ಲಾ ಆರೋಗ್ಯ ಮತ್ತು ಕುಟುಂಬ ಕಲ್ಯಾಣ ಇಲಾಖೆಯ ಜಿಲ್ಲಾಡಳಿತದ ದಡಾರ ಪ್ರಕರಣಗಳು ಕಂಡುಬಂದ ಕೆಲವು ಗ್ರಾಮಗಳ ಮನೆ-ಮನೆಗೆ ಭೇಟಿ ನೀಡಿ ಲಸಿಕಾ ಅಭಿಯಾನ ಹಮ್ಮಿಕೊಂಡು ಲಸಿಕೆ ಹಾಕಲಾಯಿತು. ಕಾರ್ಯಕ್ರಮದ ಅಧ್ಯಕ್ಷತೆ ವಹಿಸಿ ಅವರು ಮಾತನಾಡಿದರು. ಸಾಮಾನ್ಯವಾಗಿ ಬೇಸಿಗೆಯಲ್ಲಿ ಬಿಡುಗಡೆಯಾಗುವ ದೇಹದ ಮೇಲೆ ಗುಳ್ಳೆಗಳು

ಕೆಮ್ಮು ಮತ್ತು ಸೀನುವಿಕೆಯಿಂದ ಇನ್ನೊಬ್ಬರಿಗೆ ಹರಡುತ್ತದೆ. ರೋಗವನ್ನು ನಿರ್ಲಕ್ಷಿಸಿದಲ್ಲಿ ಮಾರಣಾಂತಿಕವಾಗಬಹುದು. ಹಾಗಾಗಿ ಸಾರ್ವಜನಿಕರು ತಮ್ಮ ಮಕ್ಕಳಿಗೆ 9 ತಿಂಗಳು ತುಂಬಿದ ನಂತರ ಹಾಗೂ 16 ರಿಂದ 24 ತಿಂಗಳ ಒಳಗೆ ಎರಡನೇ ಡೋಸ್ ಲಸಿಕೆ ಹಾಕಿಸಬೇಕು ಎಂದು ತಿಳಿಸಿದರು.

ಗುಳ್ಳೆಗಳು ಕಂಡು ಬರುವುದು ಸಹಜವಾಗಿದ್ದು, ಒಂದೇ ರೀತಿ ಕಂಡು ಬರುವ ದಡಾರ ರೋಗ ಹರಡದಂತೆ ಮುನ್ನೆಚ್ಚರಿಕೆ ವಹಿಸಬೇಕು. ಆರೋಗ್ಯ ಇಲಾಖೆಯ ಸಿಬ್ಬಂದಿಗಳು ಮನೆ ಮನೆಗೆ ಭೇಟಿ ನೀಡಿ ಮಕ್ಕಳ ಆರೋಗ್ಯ ತಪಾಸಣೆ ನಡೆಸುತ್ತಿದ್ದಾರೆ.

ಕಂಡುಬಂದಲ್ಲಿ 'ಡ'ಡಾರ' ರೋಗವು ವೈರಸ್‌ನಿಂದ ಬರುವ ಸೋಂಕು ಹೊಂದಿದ ವ್ಯಕ್ತಿಯ ಸಂಪರ್ಕದ ಮೂಲಕ

ಹಾಕಿಸಿಕೊಳ್ಳಬೇಕು. ದಡಾರದ ಅತ್ಯಂತ ಪ್ರಮುಖ ಲಕ್ಷಣವೆಂದರೆ ಕೆಂಪು ಬಣ್ಣದ ದದ್ದು (ಗುಳ್ಳೆ). ಆದರೆ ಇದು ಸಾಮಾನ್ಯವಾಗಿ ಮೊದಲ ಲಕ್ಷಣವಲ್ಲ. ದಡಾರವು ಸಾಮಾನ್ಯವಾಗಿ ಜ್ವರ ತರಹದ ಲಕ್ಷಣಗಳೊಂದಿಗೆ ಪ್ರಾರಂಭವಾಗುತ್ತದೆ. 2 ರಿಂದ 4 ದಿನಗಳವರೆಗೆ ಇರುತ್ತದೆ ಎಂದು ತಿಳಿಸಿದರು. ವಿಶ್ವ ಆರೋಗ್ಯ ಸಂಸ್ಥೆಯ ಸರ್ವೇಕ್ಷಣಾ ವೈದ್ಯಾಧಿಕಾರಿ ಡಾ.ಪೋಷ್ ಶ್ರೀಧರ್ ಅವರು ಮಾತನಾಡಿ

•ಲಕ್ಷಣಗಳು:•

ಜ್ವರ, ಆಂಯಾಸ, ತೀವ್ರ ಕೆಮ್ಮು, ಕಾಂಜಂಕ್ಟಿವಿಟಿಸ್ (ಕೆಂಪು ಕಣ್ಣುಗಳು), ಸ್ರವಿಸುವ ಮೂಗು, ಬಾಯಿಯಲ್ಲಿ ಬಿಳಿ ಚುಕ್ಕೆಗಳು (ಕೊಪ್ಲಿಕ್ ಚುಕ್ಕೆಗಳು ಎಂದು ಕರೆಯಲ್ಪಡುತ್ತವೆ) ಇವು ಆರಂಭಿಕ ಲಕ್ಷಣಗಳು. ಜ್ವರ ಕಾಣಿಸಿಕೊಂಡ 3 ರಿಂದ 7 ದಿನಗಳಲ್ಲಿ ದದ್ದು ಕಾಣಿಸಿಕೊಳ್ಳುತ್ತದೆ. ಇದು ಸಾಮಾನ್ಯವಾಗಿ ಕೆಂಪು ಬಣ್ಣದ್ದಾಗಿರುತ್ತದೆ ಮತ್ತು ಮುಖದಿಂದ ಪ್ರಾರಂಭವಾಗಿ ದೇಹದ ಉಳಿದ ಭಾಗಗಳಿಗೆ

ದೇಹದ ಉಳಿದ ಭಾಗಗಳಿಗೆ ಹರಡುತ್ತದೆ. ಇದು ಸಾಮಾನ್ಯವಾಗಿ 4 ರಿಂದ 7 ದಿನಗಳವರೆಗೆ ಇರುತ್ತದೆ. ಒಂದು ವೇಳೆ ನಿರ್ಲಕ್ಷಿಸಿದಲ್ಲಿ ವಾಂತಿ-ಭೇದಿ, ನ್ಯೂಮೋನಿಯ ಉಂಟಾಗಿ ಮಗು ಮರಣ ಹೊಂದಬಹುದು. ಈ ಹಿನ್ನೆಲೆಯಲ್ಲಿ ಪ್ರಸ್ತುತ 5 ವರ್ಷದೊಳಗಿನ ಎಲ್ಲ ಮಕ್ಕಳಿಗೆ ಹೆಚ್ಚುವರಿಯಾಗಿ ಒಂದು ಡೋಸ್ ಲಸಿಕೆ ಹಾಗೂ ಇದರೊಂದಿಗೆ ವಿಟಮಿನ್-ಎ ಅನ್ನಾಂಗ ದ್ರಾವಣ ಸಹ ನೀಡಲಾಗುತ್ತಿದ್ದು, ತಪ್ಪದೇ ಹಾಕಿಸಬೇಕು ಎಂದು ಹೇಳಿದರು. ಈ ಸಂದರ್ಭದಲ್ಲಿ ತಾಲೂಕು ಆರೋಗ್ಯ ಅಧಿಕಾರಿ ಡಾ.ಹಾಸ್ಕಾರ್, ಡಾ.ಕರುಣಾ ಶಾಸ್ತ್ರೀನ್, ಜಿಲ್ಲಾ ಆರೋಗ್ಯ ಶಿಕ್ಷಣಾಧಿಕಾರಿ ಈಶ್ವರ ಹೆಚ್ ದಾಸಪ್ಪನವರ, ಕ್ಷೇತ್ರ ಆರೋಗ್ಯ ಶಿಕ್ಷಣಾಧಿಕಾರಿ ಶಾಂತಮ್ಮ, ಪ್ರಾಥಮಿಕ ಆರೋಗ್ಯ ಸುರಕ್ಷಾಧಿಕಾರಿ ಮಂಜುಳ, ನಾಗಲಕ್ಷ್ಮಿ, ಜ್ಯೋತಿ, ಶಿರಿಲ್ ಆರೋಗ್ಯ ನಿರೀಕ್ಷಣಾಧಿಕಾರಿ ಸಂಗಾಳಪ್ಪ, ಜೆಹರ ಗರಿಷ್ಠ ಮರ್ದುಸ್ಸಲ್ಲಿ ಹಾಗೂ ಆಶಾ ಕಾರ್ಯಕರ್ತೆಯರು ಉಪಸ್ಥಿತರಿದ್ದರು.

OWNER , PUBLISHER & PRINTER K. M. REKHA PUBLISHED AT HOSPET TIMES, APOORVA OFFSET PRINTERS , SACHIDANAND LANE , MAIN BAZAR , HOSAPETE , BALLARI & PRINTED AT APOORVA OFFSET PRINTERS ,
SACHIDANAND LANE , MAIN BAZAR , HOSAPETE , BALLARI , EDITOR K. M. REKHA. EMAIL : hospettimes@gmail.com, Mob No 94484 41484.
